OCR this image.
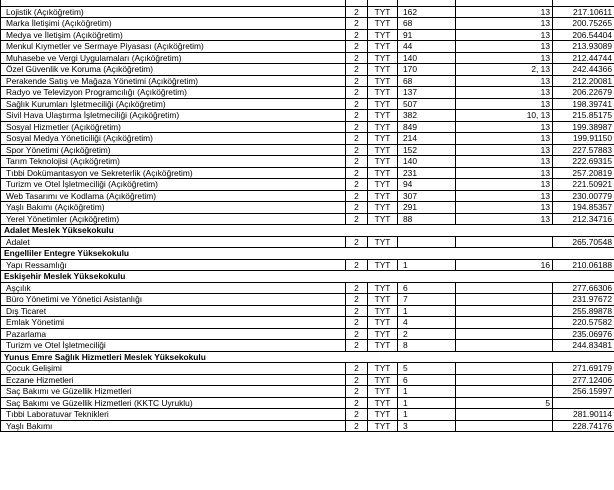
Lojistik (Açıköğretim)	2	TYT	162	13	217.10611
Marka İletişimi (Açıköğretim)	2	TYT	68	13	200.75265
Medya ve İletişim (Açıköğretim)	2	TYT	91	13	206.54404
Menkul Kıymetler ve Sermaye Piyasası (Açıköğretim)	2	TYT	44	13	213.93089
Muhasebe ve Vergi Uygulamaları (Açıköğretim)	2	TYT	140	13	212.44744
Özel Güvenlik ve Koruma (Açıköğretim)	2	TYT	170	2, 13	242.44366
Perakende Satış ve Mağaza Yönetimi (Açıköğretim)	2	TYT	68	13	212.20081
Radyo ve Televizyon Programcılığı (Açıköğretim)	2	TYT	137	13	206.22679
Sağlık Kurumları İşletmeciliği (Açıköğretim)	2	TYT	507	13	198.39741
Sivil Hava Ulaştırma İşletmeciliği (Açıköğretim)	2	TYT	382	10, 13	215.85175
Sosyal Hizmetler (Açıköğretim)	2	TYT	849	13	199.38987
Sosyal Medya Yöneticiliği (Açıköğretim)	2	TYT	214	13	199.91150
Spor Yönetimi (Açıköğretim)	2	TYT	152	13	227.57883
Tarım Teknolojisi (Açıköğretim)	2	TYT	140	13	222.69315
Tıbbi Dokümantasyon ve Sekreterlik (Açıköğretim)	2	TYT	231	13	257.20819
Turizm ve Otel İşletmeciliği (Açıköğretim)	2	TYT	94	13	221.50921
Web Tasarımı ve Kodlama (Açıköğretim)	2	TYT	307	13	230.00779
Yaşlı Bakımı (Açıköğretim)	2	TYT	291	13	194.85357
Yerel Yönetimler (Açıköğretim)	2	TYT	88	13	212.34716
Adalet Meslek Yüksekokulu					
Adalet	2	TYT			265.70548
Engelliler Entegre Yüksekokulu					
Yapı Ressamlığı	2	TYT	1	16	210.06188
Eskişehir Meslek Yüksekokulu					
Aşçılık	2	TYT	6		277.66306
Büro Yönetimi ve Yönetici Asistanlığı	2	TYT	7		231.97672
Dış Ticaret	2	TYT	1		255.89878
Emlak Yönetimi	2	TYT	4		220.57582
Pazarlama	2	TYT	2		235.06976
Turizm ve Otel İşletmeciliği	2	TYT	8		244.83481
Yunus Emre Sağlık Hizmetleri Meslek Yüksekokulu					
Çocuk Gelişimi	2	TYT	5		271.69179
Eczane Hizmetleri	2	TYT	6		277.12406
Saç Bakımı ve Güzellik Hizmetleri	2	TYT	1		256.15997
Saç Bakımı ve Güzellik Hizmetleri (KKTC Uyruklu)	2	TYT	1	5	
Tıbbi Laboratuvar Teknikleri	2	TYT	1		281.90114
Yaşlı Bakımı	2	TYT	3		228.74176
